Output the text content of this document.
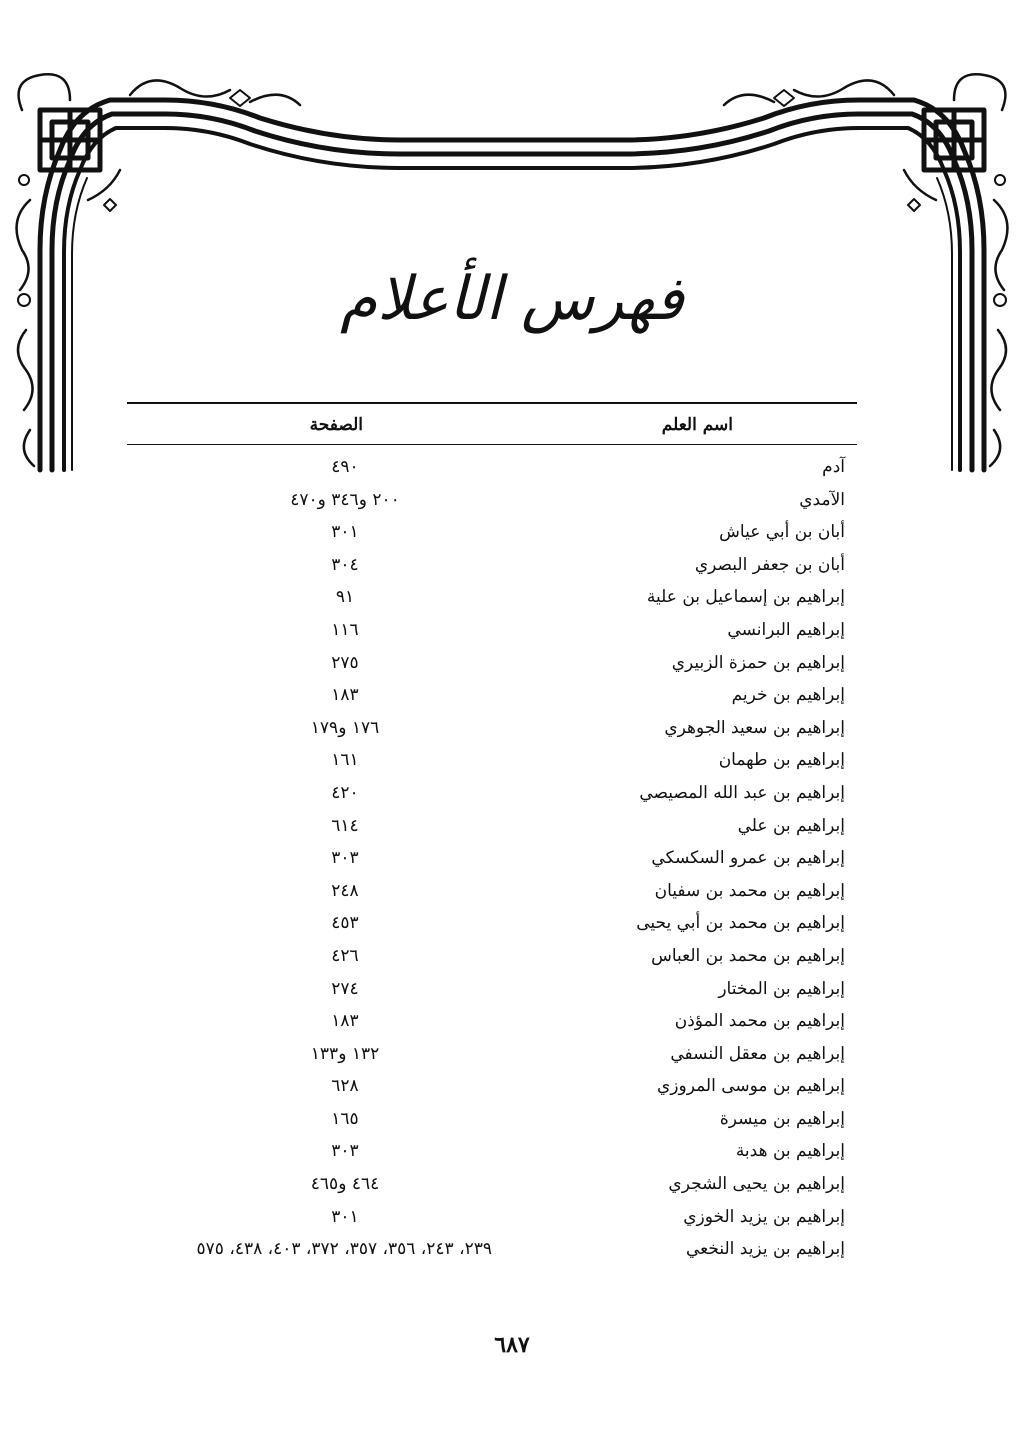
فهرس الأعلام
اسم العلم
الصفحة
آدم
٤٩٠
الآمدي
٢٠٠ و٣٤٦ و٤٧٠
أبان بن أبي عياش
٣٠١
أبان بن جعفر البصري
٣٠٤
إبراهيم بن إسماعيل بن علية
٩١
إبراهيم البرانسي
١١٦
إبراهيم بن حمزة الزبيري
٢٧٥
إبراهيم بن خريم
١٨٣
إبراهيم بن سعيد الجوهري
١٧٦ و١٧٩
إبراهيم بن طهمان
١٦١
إبراهيم بن عبد الله المصيصي
٤٢٠
إبراهيم بن علي
٦١٤
إبراهيم بن عمرو السكسكي
٣٠٣
إبراهيم بن محمد بن سفيان
٢٤٨
إبراهيم بن محمد بن أبي يحيى
٤٥٣
إبراهيم بن محمد بن العباس
٤٢٦
إبراهيم بن المختار
٢٧٤
إبراهيم بن محمد المؤذن
١٨٣
إبراهيم بن معقل النسفي
١٣٢ و١٣٣
إبراهيم بن موسى المروزي
٦٢٨
إبراهيم بن ميسرة
١٦٥
إبراهيم بن هدبة
٣٠٣
إبراهيم بن يحيى الشجري
٤٦٤ و٤٦٥
إبراهيم بن يزيد الخوزي
٣٠١
إبراهيم بن يزيد النخعي
٢٣٩، ٢٤٣، ٣٥٦، ٣٥٧، ٣٧٢، ٤٠٣، ٤٣٨، ٥٧٥
٦٨٧
